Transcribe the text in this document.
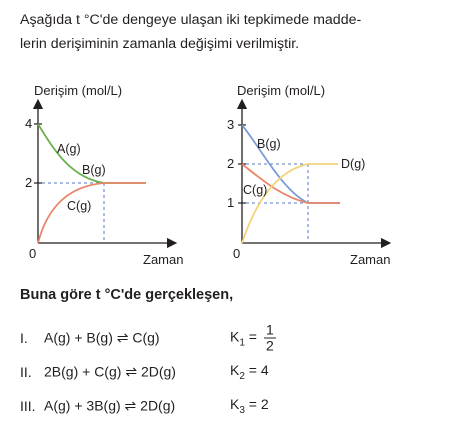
Aşağıda t °C'de dengeye ulaşan iki tepkimede madde-
lerin derişiminin zamanla değişimi verilmiştir.
Derişim (mol/L)
4
2
0	Zaman
A(g)
B(g)
C(g)
Derişim (mol/L)
3
2
1
0	Zaman
B(g)
C(g)
D(g)
Buna göre t °C'de gerçekleşen,
I.	A(g) + B(g) ⇌ C(g)	$K_1 = \frac{1}{2}$
II. 2B(g) + C(g) ⇌ 2D(g)	$K_2 = 4$
III. A(g) + 3B(g) ⇌ 2D(g)	$K_3 = 2$
